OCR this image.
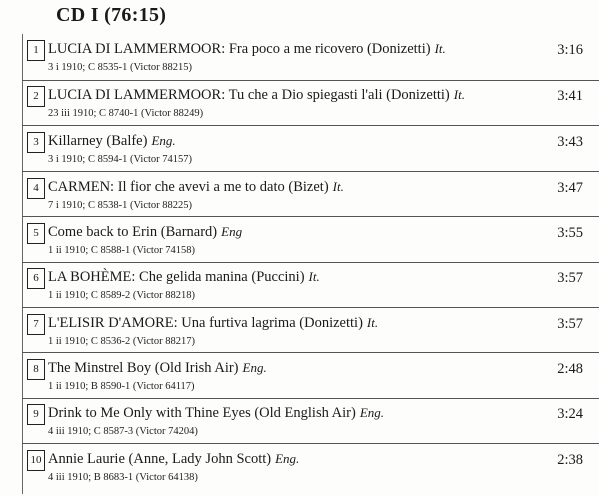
CD I (76:15)
1 LUCIA DI LAMMERMOOR: Fra poco a me ricovero (Donizetti) It.	3:16
3 i 1910; C 8535-1 (Victor 88215)
2 LUCIA DI LAMMERMOOR: Tu che a Dio spiegasti l'ali (Donizetti) It.	3:41
23 iii 1910; C 8740-1 (Victor 88249)
3 Killarney (Balfe) Eng.	3:43
3 i 1910; C 8594-1 (Victor 74157)
4 CARMEN: Il fior che avevi a me to dato (Bizet) It.	3:47
7 i 1910; C 8538-1 (Victor 88225)
5 Come back to Erin (Barnard) Eng	3:55
1 ii 1910; C 8588-1 (Victor 74158)
6 LA BOHÈME: Che gelida manina (Puccini) It.	3:57
1 ii 1910; C 8589-2 (Victor 88218)
7 L'ELISIR D'AMORE: Una furtiva lagrima (Donizetti) It.	3:57
1 ii 1910; C 8536-2 (Victor 88217)
8 The Minstrel Boy (Old Irish Air) Eng.	2:48
1 ii 1910; B 8590-1 (Victor 64117)
9 Drink to Me Only with Thine Eyes (Old English Air) Eng.	3:24
4 iii 1910; C 8587-3 (Victor 74204)
10 Annie Laurie (Anne, Lady John Scott) Eng.	2:38
4 iii 1910; B 8683-1 (Victor 64138)
